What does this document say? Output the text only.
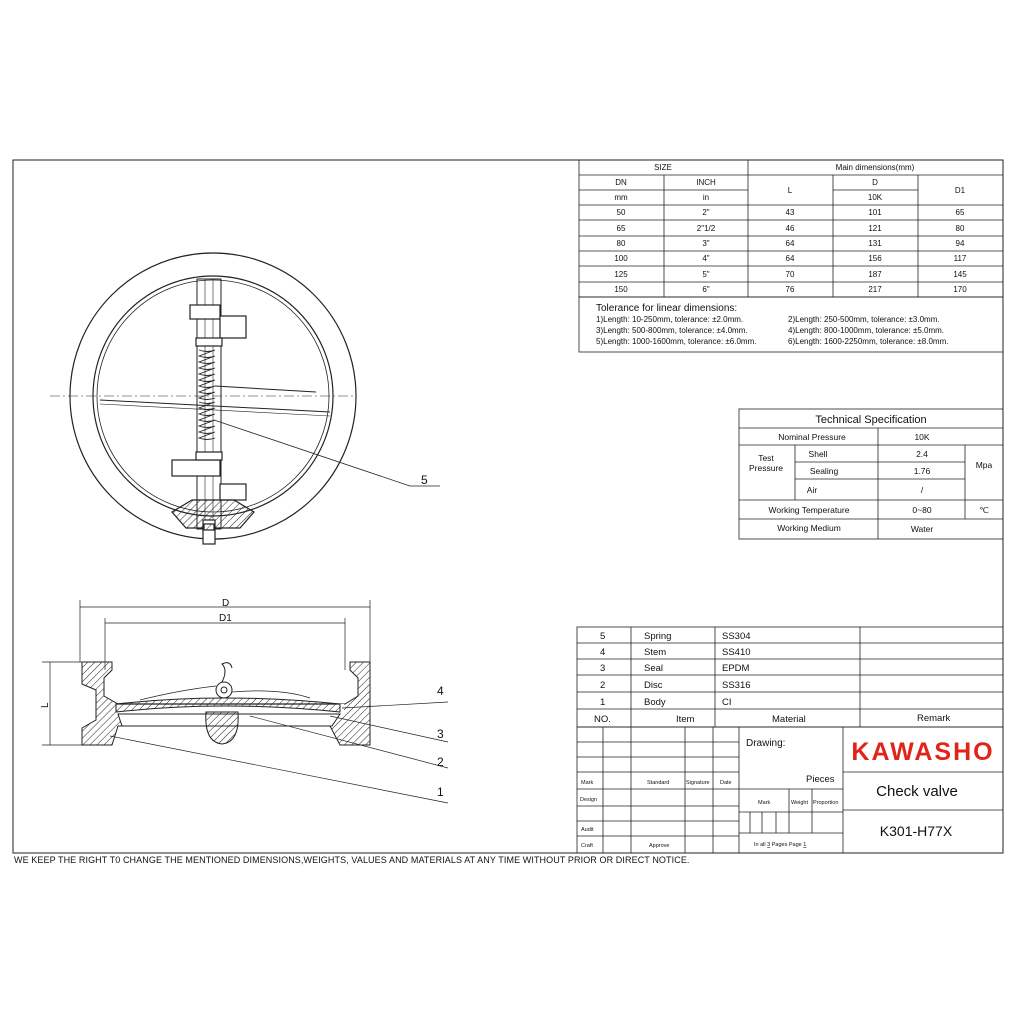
5
D
D1
L
4
3
2
1
SIZE	Main dimensions(mm)
DN	INCH
L
D
D1
mm	in	10K
50	2"	43	101	65
65	2"1/2	46	121	80
80	3"	64	131	94
100	4"	64	156	117
125	5"	70	187	145
150	6"	76	217	170
Tolerance for linear dimensions:
1)Length: 10-250mm, tolerance: ±2.0mm.
3)Length: 500-800mm, tolerance: ±4.0mm.
5)Length: 1000-1600mm, tolerance: ±6.0mm.
2)Length: 250-500mm, tolerance: ±3.0mm.
4)Length: 800-1000mm, tolerance: ±5.0mm.
6)Length: 1600-2250mm, tolerance: ±8.0mm.
Technical Specification
Nominal Pressure	10K
Test
Pressure
Shell	2.4
Sealing	1.76
Air	/
Mpa
Working Temperature	0~80	℃
Working Medium	Water
5	Spring	SS304
4	Stem	SS410
3	Seal	EPDM
2	Disc	SS316
1	Body	CI
NO.	Item	Material	Remark
Drawing:
Pieces
Mark	Standard	Signature Date
Design
Audit
Craft	Approve
Mark	Weight Proportion
In all 3 Pages Page 1
KAWASHO
Check valve
K301-H77X
WE KEEP THE RIGHT T0 CHANGE THE MENTIONED DIMENSIONS,WEIGHTS, VALUES AND MATERIALS AT ANY TIME WITHOUT PRIOR OR DIRECT NOTICE.
